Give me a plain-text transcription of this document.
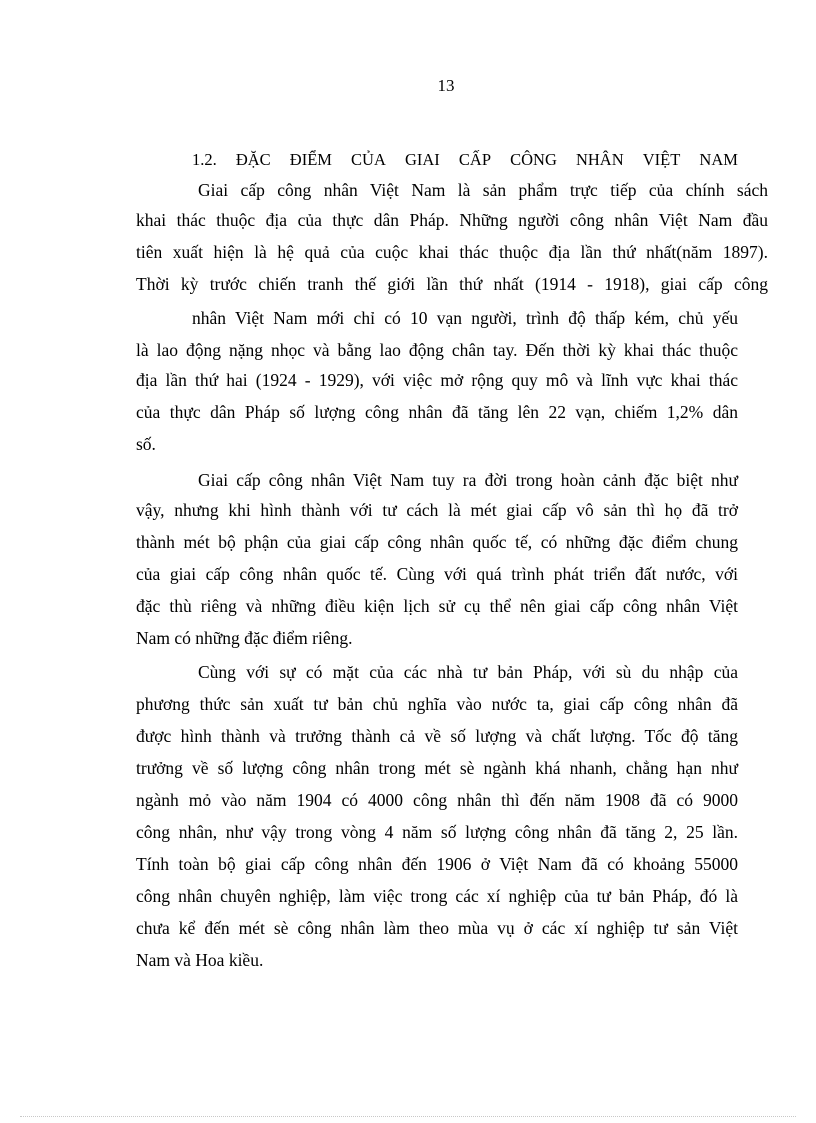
13
1.2. ĐẶC ĐIỂM CỦA GIAI CẤP CÔNG NHÂN VIỆT NAM
Giai cấp công nhân Việt Nam là sản phẩm trực tiếp của chính sách
khai thác thuộc địa của thực dân Pháp. Những người công nhân Việt Nam đầu
tiên xuất hiện là hệ quả của cuộc khai thác thuộc địa lần thứ nhất(năm 1897).
Thời kỳ trước chiến tranh thế giới lần thứ nhất (1914 - 1918), giai cấp công
nhân Việt Nam mới chỉ có 10 vạn người, trình độ thấp kém, chủ yếu
là lao động nặng nhọc và bằng lao động chân tay. Đến thời kỳ khai thác thuộc
địa lần thứ hai (1924 - 1929), với việc mở rộng quy mô và lĩnh vực khai thác
của thực dân Pháp số lượng công nhân đã tăng lên 22 vạn, chiếm 1,2% dân
số.
Giai cấp công nhân Việt Nam tuy ra đời trong hoàn cảnh đặc biệt như
vậy, nhưng khi hình thành với tư cách là mét giai cấp vô sản thì họ đã trở
thành mét bộ phận của giai cấp công nhân quốc tế, có những đặc điểm chung
của giai cấp công nhân quốc tế. Cùng với quá trình phát triển đất nước, với
đặc thù riêng và những điều kiện lịch sử cụ thể nên giai cấp công nhân Việt
Nam có những đặc điểm riêng.
Cùng với sự có mặt của các nhà tư bản Pháp, với sù du nhập của
phương thức sản xuất tư bản chủ nghĩa vào nước ta, giai cấp công nhân đã
được hình thành và trưởng thành cả về số lượng và chất lượng. Tốc độ tăng
trưởng về số lượng công nhân trong mét sè ngành khá nhanh, chẳng hạn như
ngành mỏ vào năm 1904 có 4000 công nhân thì đến năm 1908 đã có 9000
công nhân, như vậy trong vòng 4 năm số lượng công nhân đã tăng 2, 25 lần.
Tính toàn bộ giai cấp công nhân đến 1906 ở Việt Nam đã có khoảng 55000
công nhân chuyên nghiệp, làm việc trong các xí nghiệp của tư bản Pháp, đó là
chưa kể đến mét sè công nhân làm theo mùa vụ ở các xí nghiệp tư sản Việt
Nam và Hoa kiều.
